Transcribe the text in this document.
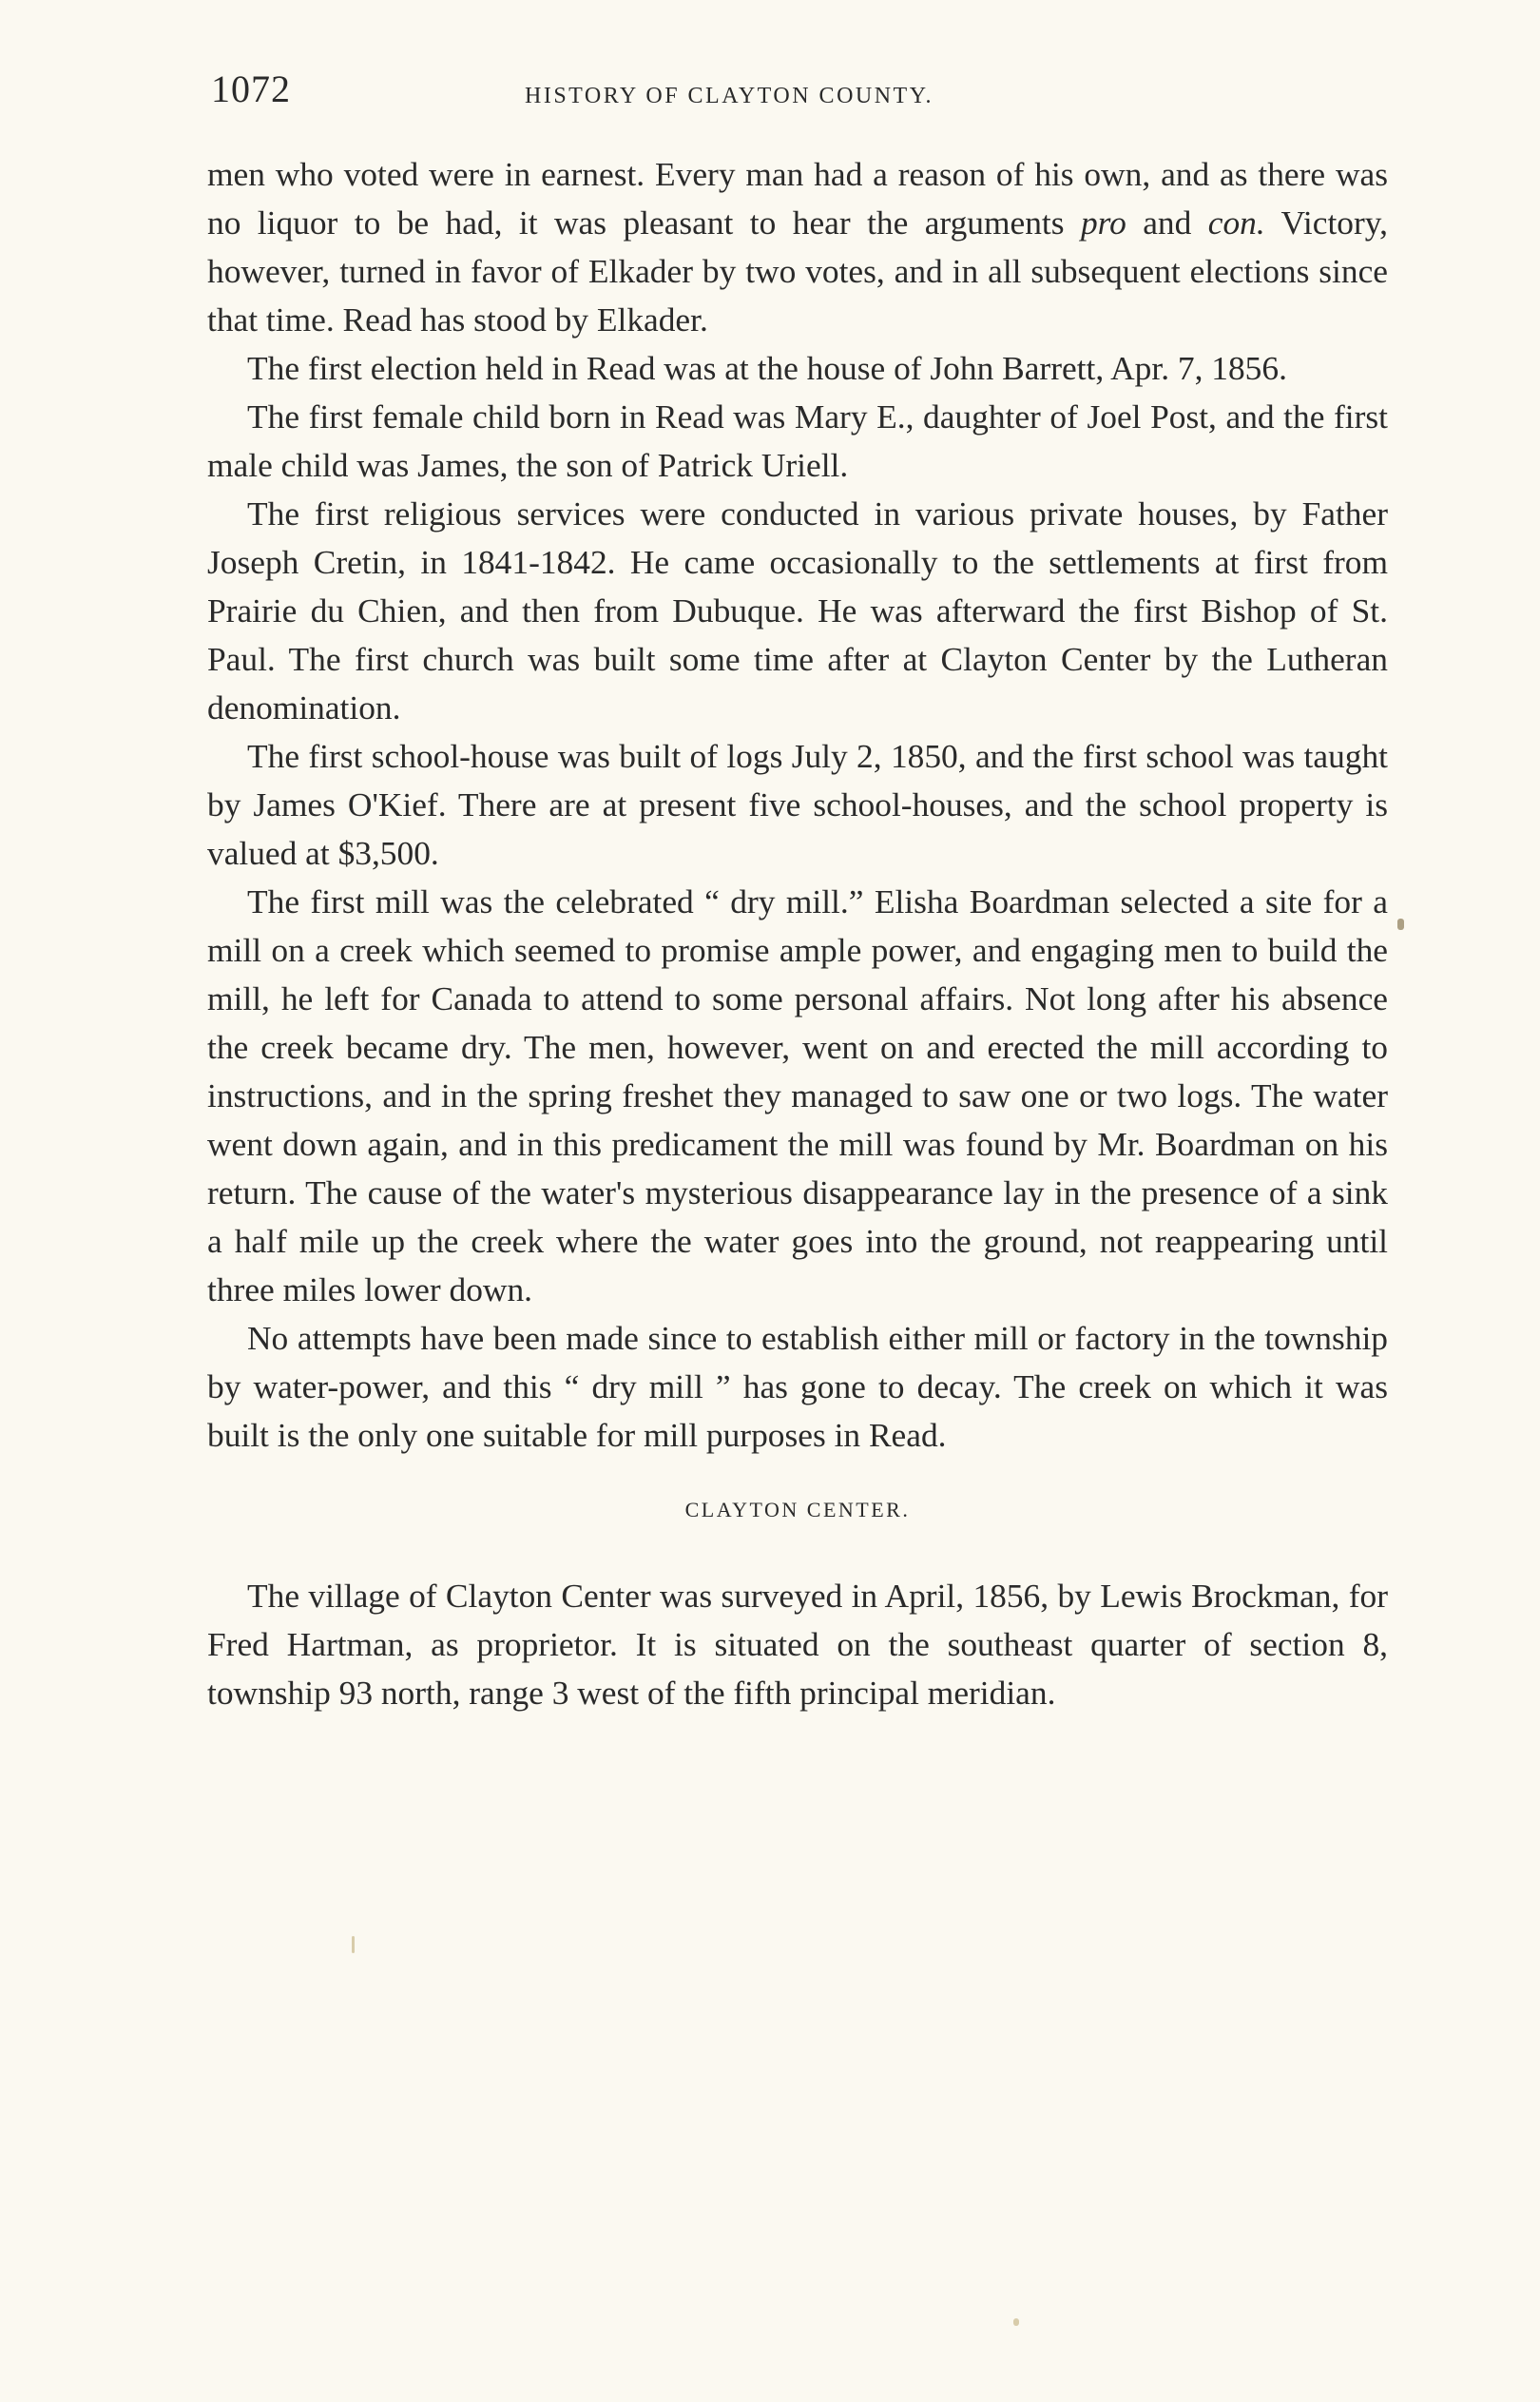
1072	HISTORY OF CLAYTON COUNTY.

men who voted were in earnest. Every man had a reason of his own, and as there was no liquor to be had, it was pleasant to hear the arguments pro and con. Victory, however, turned in favor of Elkader by two votes, and in all subsequent elections since that time. Read has stood by Elkader.

The first election held in Read was at the house of John Barrett, Apr. 7, 1856.

The first female child born in Read was Mary E., daughter of Joel Post, and the first male child was James, the son of Patrick Uriell.

The first religious services were conducted in various private houses, by Father Joseph Cretin, in 1841-1842. He came occasionally to the settlements at first from Prairie du Chien, and then from Dubuque. He was afterward the first Bishop of St. Paul. The first church was built some time after at Clayton Center by the Lutheran denomination.

The first school-house was built of logs July 2, 1850, and the first school was taught by James O'Kief. There are at present five school-houses, and the school property is valued at $3,500.

The first mill was the celebrated “ dry mill.” Elisha Boardman selected a site for a mill on a creek which seemed to promise ample power, and engaging men to build the mill, he left for Canada to attend to some personal affairs. Not long after his absence the creek became dry. The men, however, went on and erected the mill according to instructions, and in the spring freshet they managed to saw one or two logs. The water went down again, and in this predicament the mill was found by Mr. Boardman on his return. The cause of the water's mysterious disappearance lay in the presence of a sink a half mile up the creek where the water goes into the ground, not reappearing until three miles lower down.

No attempts have been made since to establish either mill or factory in the township by water-power, and this “ dry mill ” has gone to decay. The creek on which it was built is the only one suitable for mill purposes in Read.

CLAYTON CENTER.

The village of Clayton Center was surveyed in April, 1856, by Lewis Brockman, for Fred Hartman, as proprietor. It is situated on the southeast quarter of section 8, township 93 north, range 3 west of the fifth principal meridian.
